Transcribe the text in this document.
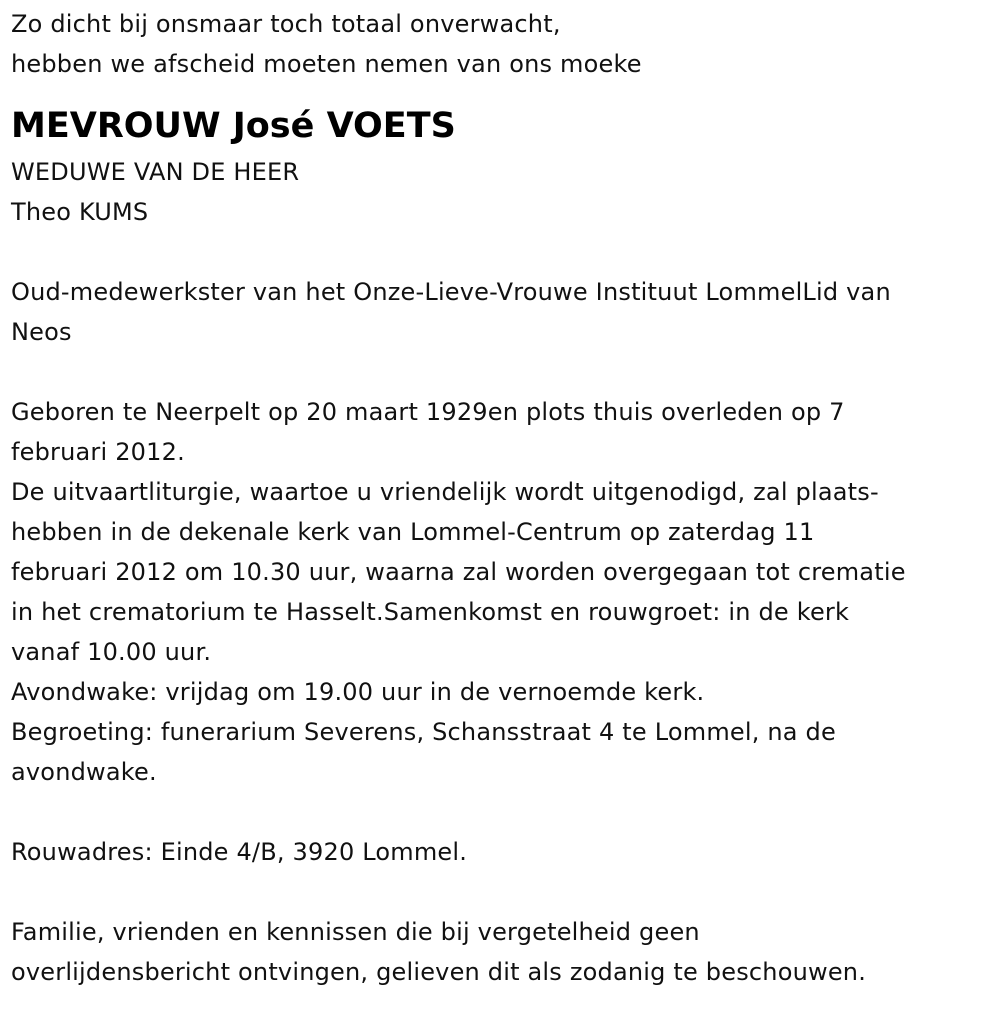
Zo dicht bij onsmaar toch totaal onverwacht,
hebben we afscheid moeten nemen van ons moeke
MEVROUW José VOETS
WEDUWE VAN DE HEER
Theo KUMS
Oud-medewerkster van het Onze-Lieve-Vrouwe Instituut LommelLid van
Neos
Geboren te Neerpelt op 20 maart 1929en plots thuis overleden op 7
februari 2012.
De uitvaartliturgie, waartoe u vriendelijk wordt uitgenodigd, zal plaats-
hebben in de dekenale kerk van Lommel-Centrum op zaterdag 11
februari 2012 om 10.30 uur, waarna zal worden overgegaan tot crematie
in het crematorium te Hasselt.Samenkomst en rouwgroet: in de kerk
vanaf 10.00 uur.
Avondwake: vrijdag om 19.00 uur in de vernoemde kerk.
Begroeting: funerarium Severens, Schansstraat 4 te Lommel, na de
avondwake.
Rouwadres: Einde 4/B, 3920 Lommel.
Familie, vrienden en kennissen die bij vergetelheid geen
overlijdensbericht ontvingen, gelieven dit als zodanig te beschouwen.
